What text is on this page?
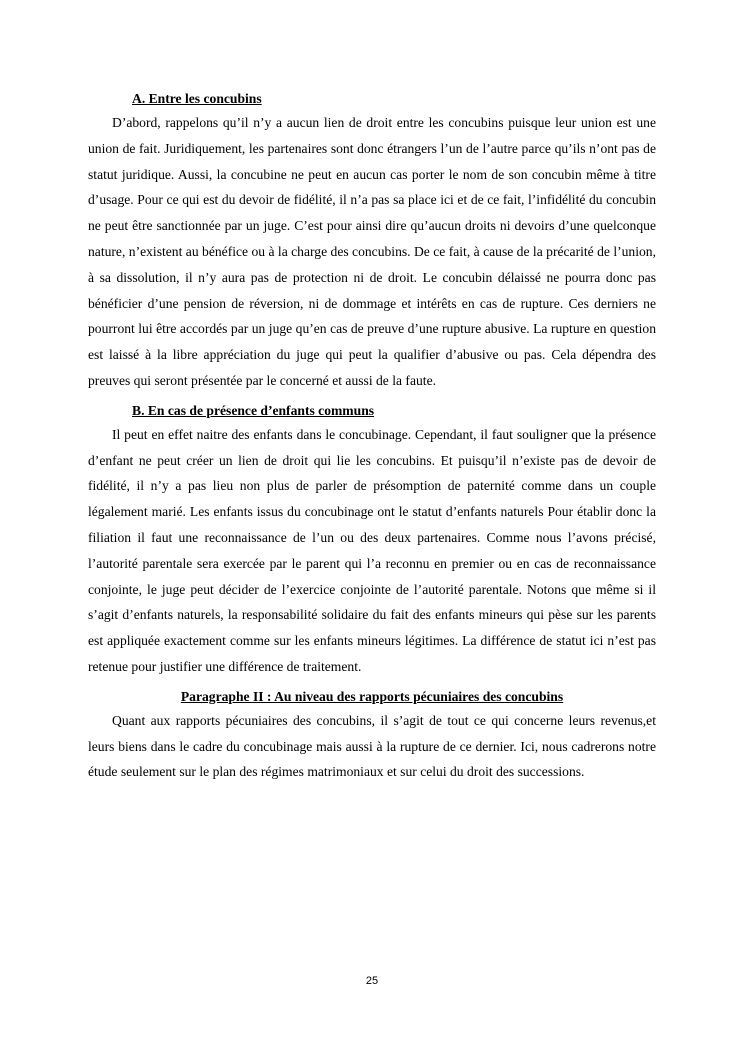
A. Entre les concubins

D’abord, rappelons qu’il n’y a aucun lien de droit entre les concubins puisque leur union est une union de fait. Juridiquement, les partenaires sont donc étrangers l’un de l’autre parce qu’ils n’ont pas de statut juridique. Aussi, la concubine ne peut en aucun cas porter le nom de son concubin même à titre d’usage. Pour ce qui est du devoir de fidélité, il n’a pas sa place ici et de ce fait, l’infidélité du concubin ne peut être sanctionnée par un juge. C’est pour ainsi dire qu’aucun droits ni devoirs d’une quelconque nature, n’existent au bénéfice ou à la charge des concubins. De ce fait, à cause de la précarité de l’union, à sa dissolution, il n’y aura pas de protection ni de droit. Le concubin délaissé ne pourra donc pas bénéficier d’une pension de réversion, ni de dommage et intérêts en cas de rupture. Ces derniers ne pourront lui être accordés par un juge qu’en cas de preuve d’une rupture abusive. La rupture en question est laissé à la libre appréciation du juge qui peut la qualifier d’abusive ou pas. Cela dépendra des preuves qui seront présentée par le concerné et aussi de la faute.

B. En cas de présence d’enfants communs

Il peut en effet naitre des enfants dans le concubinage. Cependant, il faut souligner que la présence d’enfant ne peut créer un lien de droit qui lie les concubins. Et puisqu’il n’existe pas de devoir de fidélité, il n’y a pas lieu non plus de parler de présomption de paternité comme dans un couple légalement marié. Les enfants issus du concubinage ont le statut d’enfants naturels Pour établir donc la filiation il faut une reconnaissance de l’un ou des deux partenaires. Comme nous l’avons précisé, l’autorité parentale sera exercée par le parent qui l’a reconnu en premier ou en cas de reconnaissance conjointe, le juge peut décider de l’exercice conjointe de l’autorité parentale. Notons que même si il s’agit d’enfants naturels, la responsabilité solidaire du fait des enfants mineurs qui pèse sur les parents est appliquée exactement comme sur les enfants mineurs légitimes. La différence de statut ici n’est pas retenue pour justifier une différence de traitement.

Paragraphe II : Au niveau des rapports pécuniaires des concubins

Quant aux rapports pécuniaires des concubins, il s’agit de tout ce qui concerne leurs revenus,et leurs biens dans le cadre du concubinage mais aussi à la rupture de ce dernier. Ici, nous cadrerons notre étude seulement sur le plan des régimes matrimoniaux et sur celui du droit des successions.

25
